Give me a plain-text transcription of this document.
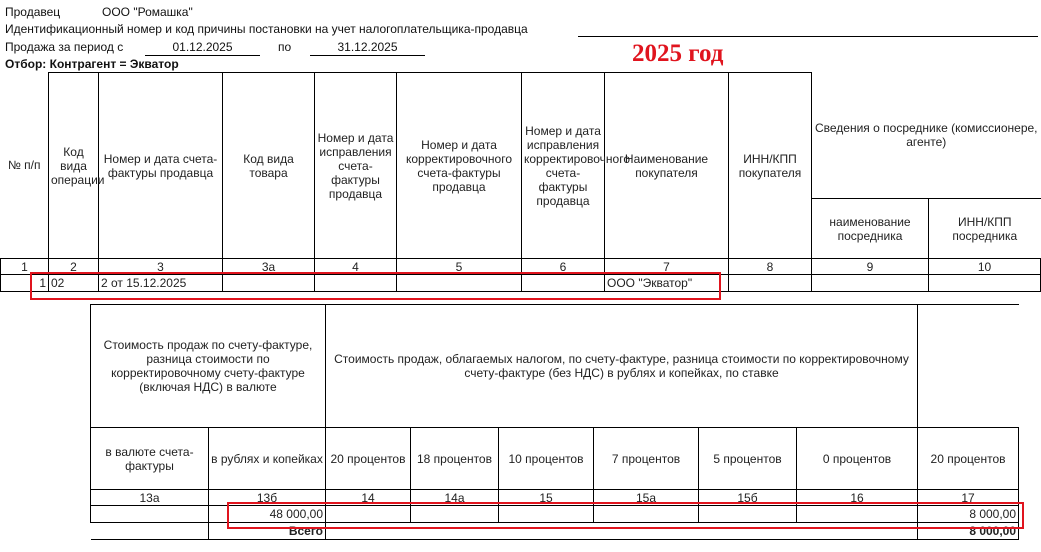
Продавец	ООО "Ромашка"
Идентификационный номер и код причины постановки на учет налогоплательщика-продавца
Продажа за период с	01.12.2025	по	31.12.2025
Отбор: Контрагент = Экватор	2025 год
№ п/п	Код вида операции	Номер и дата счета-фактуры продавца	Код вида товара	Номер и дата исправления счета-фактуры продавца	Номер и дата корректировочного счета-фактуры продавца	Номер и дата исправления корректировочного счета-фактуры продавца	Наименование покупателя	ИНН/КПП покупателя	Сведения о посреднике (комиссионере, агенте)	
									наименование посредника	ИНН/КПП посредника
1	2	3	3а	4	5	6	7	8	9	10
1	02	2 от 15.12.2025					ООО "Экватор"			
Стоимость продаж по счету-фактуре, разница стоимости по корректировочному счету-фактуре (включая НДС) в валюте		Стоимость продаж, облагаемых налогом, по счету-фактуре, разница стоимости по корректировочному счету-фактуре (без НДС) в рублях и копейках, по ставке						
в валюте счета-фактуры	в рублях и копейках	20 процентов	18 процентов	10 процентов	7 процентов	5 процентов	0 процентов	20 процентов
13а	13б	14	14а	15	15а	15б	16	17
	48 000,00							8 000,00
	Всего							8 000,00
